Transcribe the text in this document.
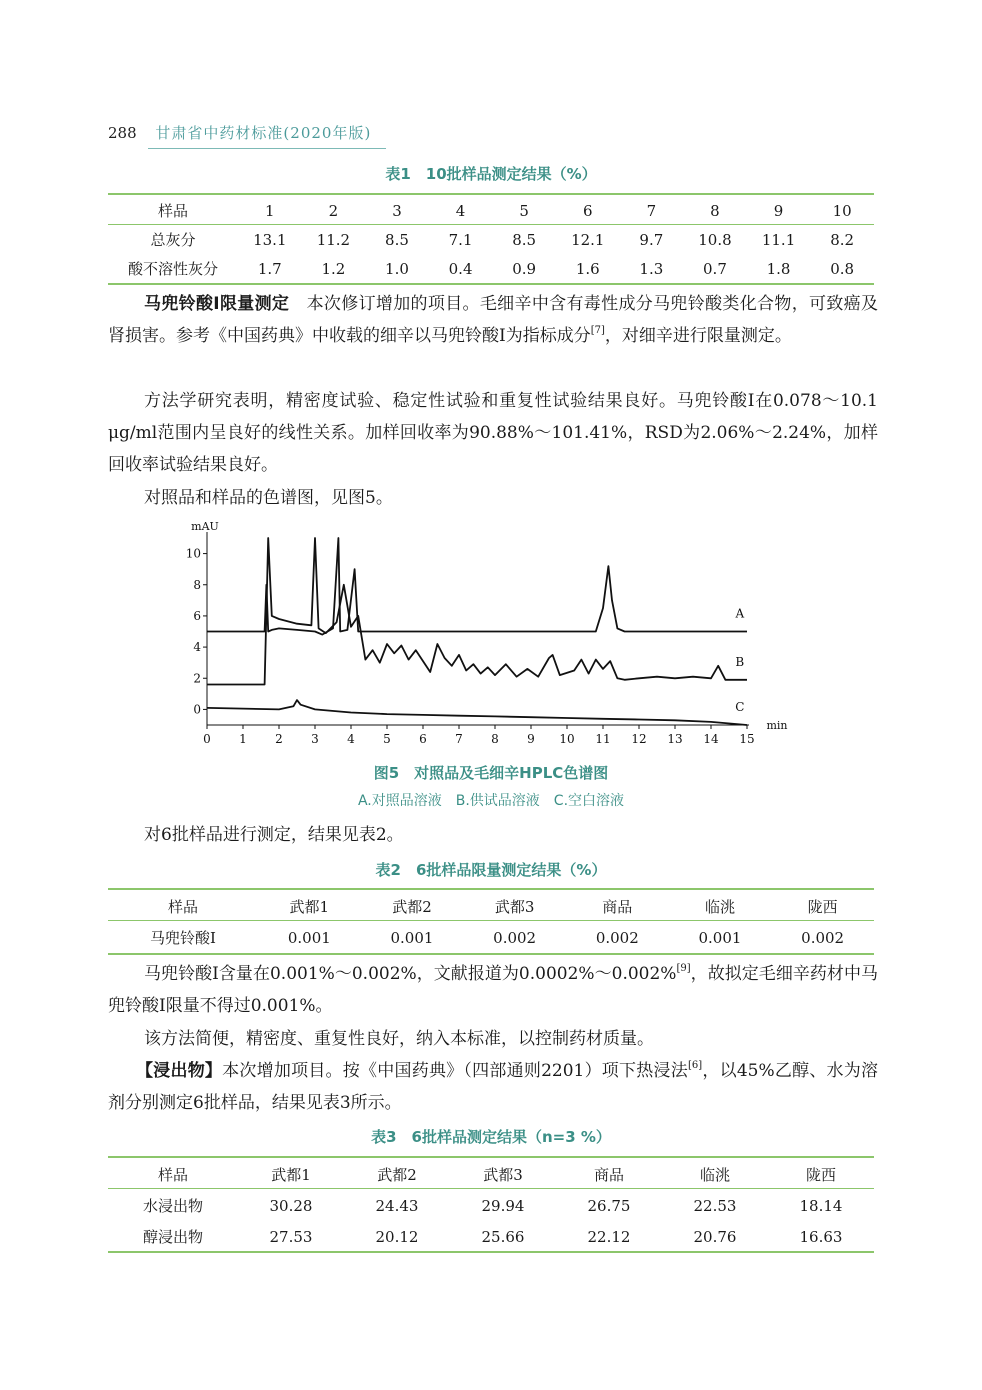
288 甘肃省中药材标准(2020年版)
表1　10批样品测定结果（%）
样品	1	2	3	4	5	6	7	8	9	10
总灰分	13.1	11.2	8.5	7.1	8.5	12.1	9.7	10.8	11.1	8.2
酸不溶性灰分	1.7	1.2	1.0	0.4	0.9	1.6	1.3	0.7	1.8	0.8
马兜铃酸Ⅰ限量测定　 本次修订增加的项目。毛细辛中含有毒性成分马兜铃酸类化合物，可致癌及肾损害。参考《中国药典》中收载的细辛以马兜铃酸Ⅰ为指标成分[7]，对细辛进行限量测定。
方法学研究表明，精密度试验、稳定性试验和重复性试验结果良好。马兜铃酸Ⅰ在0.078～10.1 μg/ml范围内呈良好的线性关系。加样回收率为90.88%～101.41%，RSD为2.06%～2.24%，加样回收率试验结果良好。
对照品和样品的色谱图，见图5。
0
2
4
6
8
10
0 1 2 3 4 5 6 7 8 9 10 11 12 13 14 15
mAU
min
A
B
C
图5　对照品及毛细辛HPLC色谱图
A.对照品溶液　B.供试品溶液　C.空白溶液
对6批样品进行测定，结果见表2。
表2　6批样品限量测定结果（%）
样品	武都1	武都2	武都3	商品	临洮	陇西
马兜铃酸Ⅰ	0.001	0.001	0.002	0.002	0.001	0.002
马兜铃酸Ⅰ含量在0.001%～0.002%，文献报道为0.0002%～0.002%[9]，故拟定毛细辛药材中马兜铃酸Ⅰ限量不得过0.001%。
该方法简便，精密度、重复性良好，纳入本标准，以控制药材质量。
【浸出物】本次增加项目。按《中国药典》（四部通则2201）项下热浸法[6]，以45%乙醇、水为溶剂分别测定6批样品，结果见表3所示。
表3　6批样品测定结果（n=3 %）
样品	武都1	武都2	武都3	商品	临洮	陇西
水浸出物	30.28	24.43	29.94	26.75	22.53	18.14
醇浸出物	27.53	20.12	25.66	22.12	20.76	16.63
